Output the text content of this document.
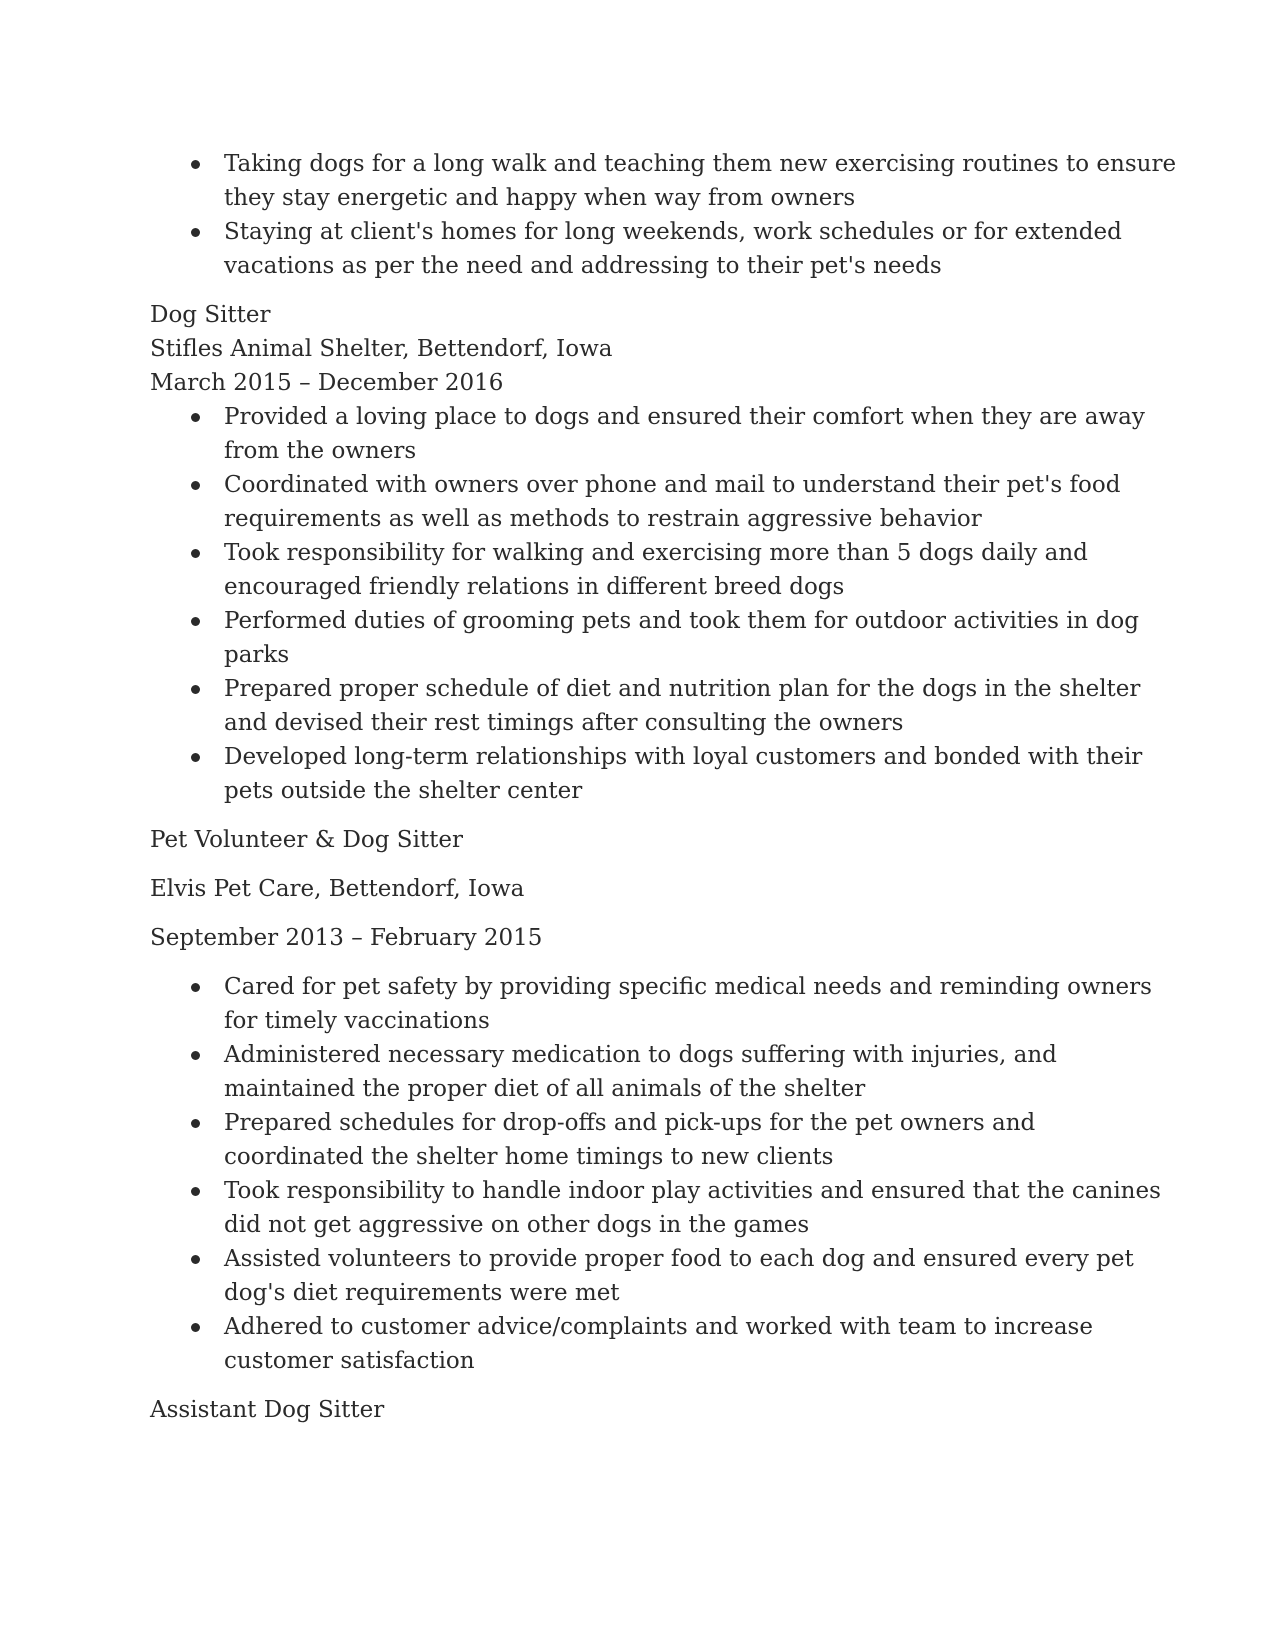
Taking dogs for a long walk and teaching them new exercising routines to ensure
they stay energetic and happy when way from owners
Staying at client's homes for long weekends, work schedules or for extended
vacations as per the need and addressing to their pet's needs
Dog Sitter
Stifles Animal Shelter, Bettendorf, Iowa
March 2015 – December 2016
Provided a loving place to dogs and ensured their comfort when they are away
from the owners
Coordinated with owners over phone and mail to understand their pet's food
requirements as well as methods to restrain aggressive behavior
Took responsibility for walking and exercising more than 5 dogs daily and
encouraged friendly relations in different breed dogs
Performed duties of grooming pets and took them for outdoor activities in dog
parks
Prepared proper schedule of diet and nutrition plan for the dogs in the shelter
and devised their rest timings after consulting the owners
Developed long-term relationships with loyal customers and bonded with their
pets outside the shelter center
Pet Volunteer & Dog Sitter
Elvis Pet Care, Bettendorf, Iowa
September 2013 – February 2015
Cared for pet safety by providing specific medical needs and reminding owners
for timely vaccinations
Administered necessary medication to dogs suffering with injuries, and
maintained the proper diet of all animals of the shelter
Prepared schedules for drop-offs and pick-ups for the pet owners and
coordinated the shelter home timings to new clients
Took responsibility to handle indoor play activities and ensured that the canines
did not get aggressive on other dogs in the games
Assisted volunteers to provide proper food to each dog and ensured every pet
dog's diet requirements were met
Adhered to customer advice/complaints and worked with team to increase
customer satisfaction
Assistant Dog Sitter
